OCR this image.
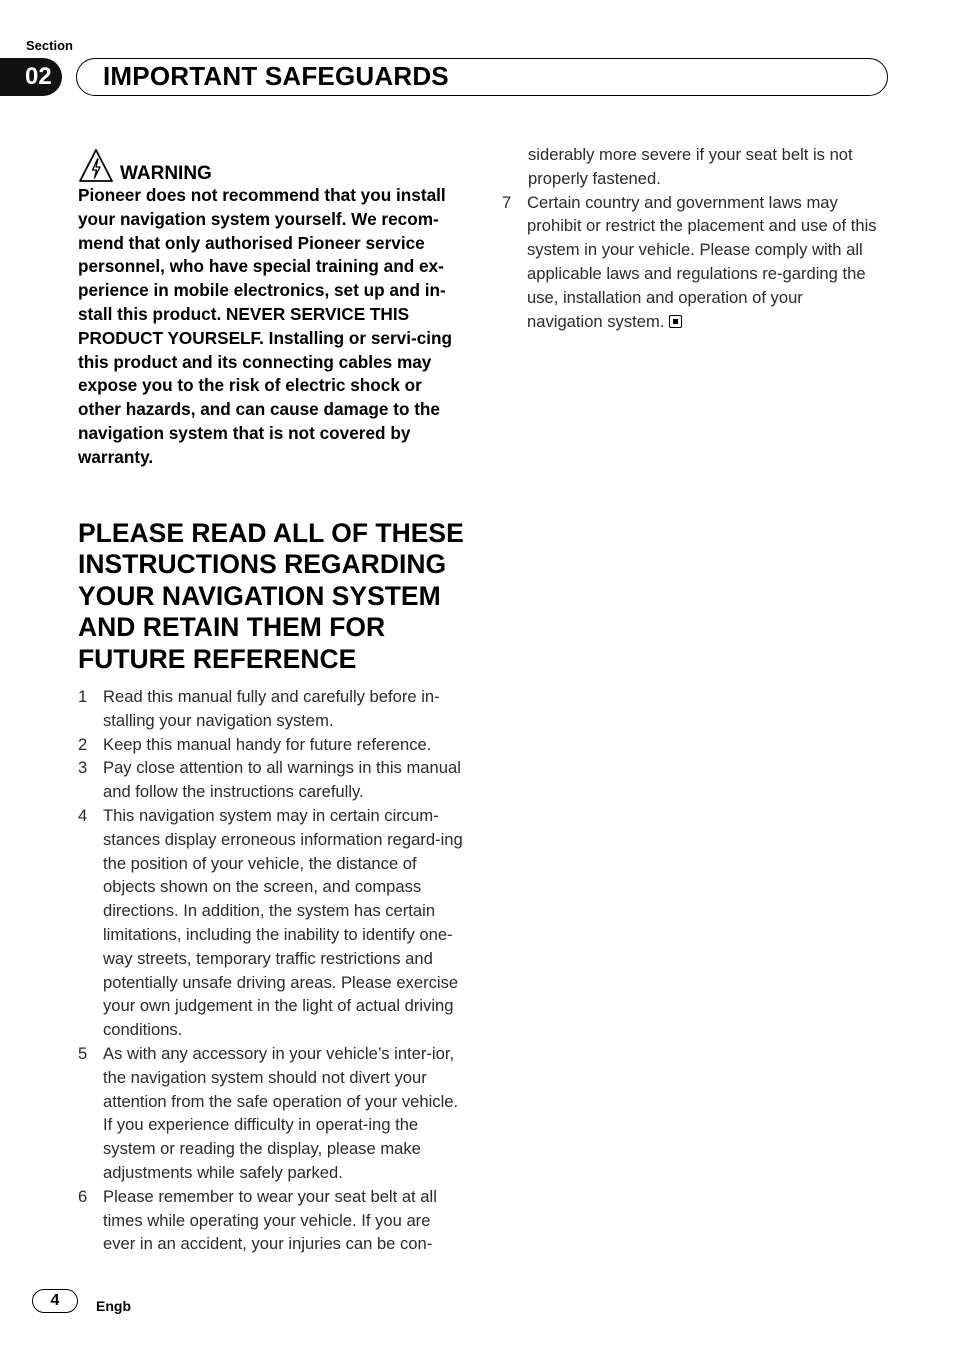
Section
02	IMPORTANT SAFEGUARDS
WARNING
Pioneer does not recommend that you install your navigation system yourself. We recom-mend that only authorised Pioneer service personnel, who have special training and ex-perience in mobile electronics, set up and in-stall this product. NEVER SERVICE THIS PRODUCT YOURSELF. Installing or servi-cing this product and its connecting cables may expose you to the risk of electric shock or other hazards, and can cause damage to the navigation system that is not covered by warranty.
PLEASE READ ALL OF THESE INSTRUCTIONS REGARDING YOUR NAVIGATION SYSTEM AND RETAIN THEM FOR FUTURE REFERENCE
1 Read this manual fully and carefully before in-stalling your navigation system.
2 Keep this manual handy for future reference.
3 Pay close attention to all warnings in this manual and follow the instructions carefully.
4 This navigation system may in certain circum-stances display erroneous information regard-ing the position of your vehicle, the distance of objects shown on the screen, and compass directions. In addition, the system has certain limitations, including the inability to identify one-way streets, temporary traffic restrictions and potentially unsafe driving areas. Please exercise your own judgement in the light of actual driving conditions.
5 As with any accessory in your vehicle’s inter-ior, the navigation system should not divert your attention from the safe operation of your vehicle. If you experience difficulty in operat-ing the system or reading the display, please make adjustments while safely parked.
6 Please remember to wear your seat belt at all times while operating your vehicle. If you are ever in an accident, your injuries can be con-
siderably more severe if your seat belt is not properly fastened.
7 Certain country and government laws may prohibit or restrict the placement and use of this system in your vehicle. Please comply with all applicable laws and regulations re-garding the use, installation and operation of your navigation system.
4	Engb
